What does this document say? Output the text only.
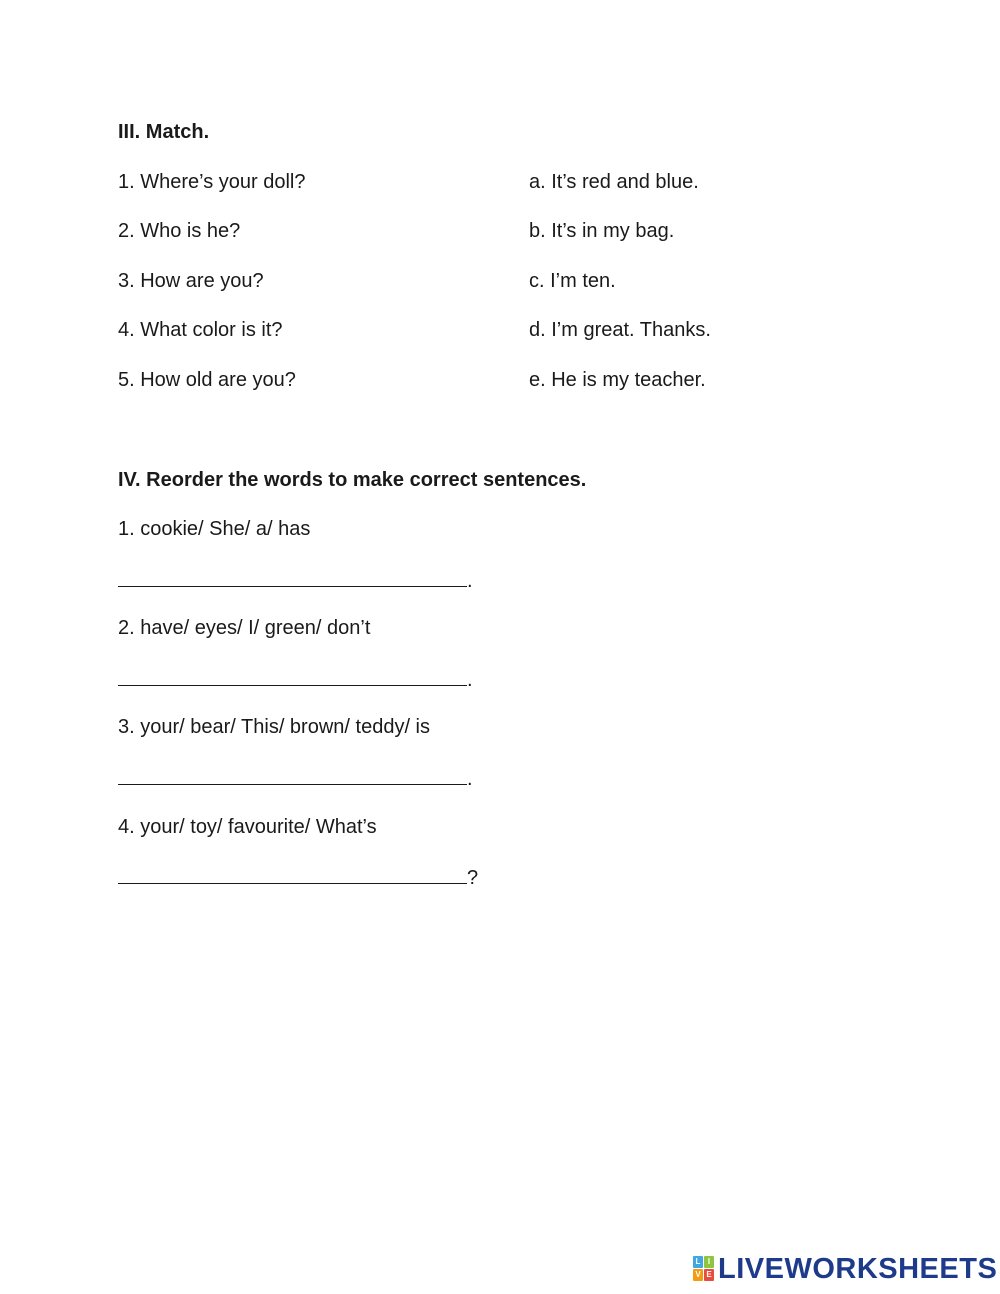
III. Match.
1. Where’s your doll?	a. It’s red and blue.
2. Who is he?	b. It’s in my bag.
3. How are you?	c. I’m ten.
4. What color is it?	d. I’m great. Thanks.
5. How old are you?	e. He is my teacher.
IV. Reorder the words to make correct sentences.
1. cookie/ She/ a/ has
.
2. have/ eyes/ I/ green/ don’t
.
3. your/ bear/ This/ brown/ teddy/ is
.
4. your/ toy/ favourite/ What’s
?
L I
V E LIVEWORKSHEETS
